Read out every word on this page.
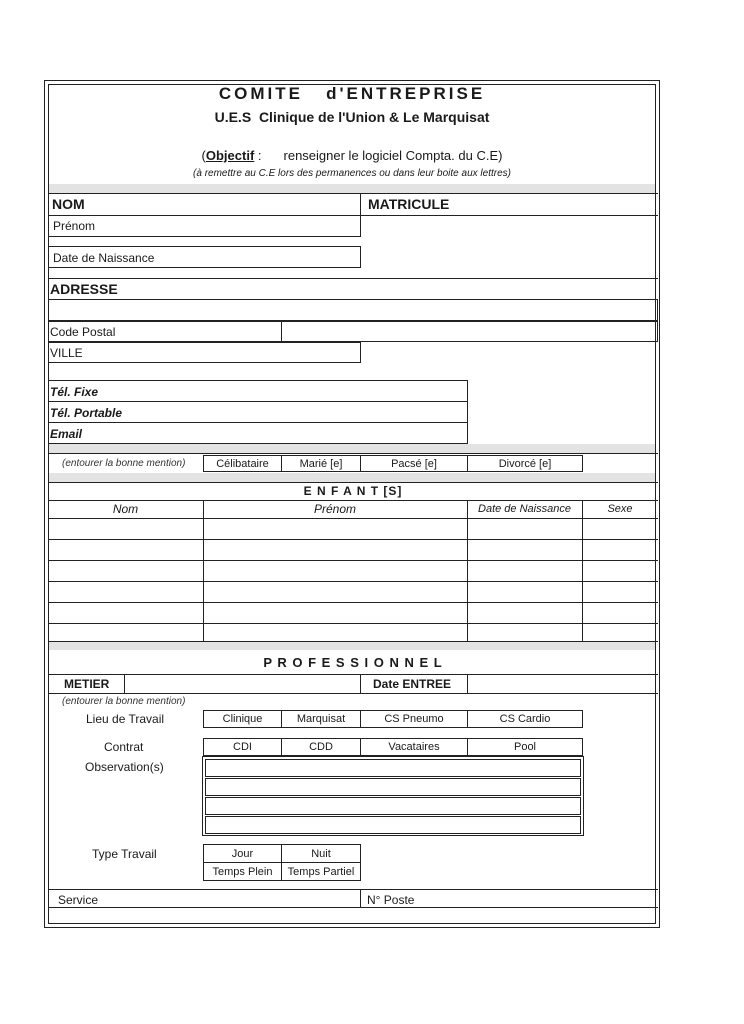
COMITE   d'ENTREPRISE
U.E.S  Clinique de l'Union & Le Marquisat
(Objectif : renseigner le logiciel Compta. du C.E)
(à remettre au C.E lors des permanences ou dans leur boite aux lettres)
NOM	MATRICULE
Prénom
Date de Naissance
ADRESSE
Code Postal
VILLE
Tél. Fixe
Tél. Portable
Email
(entourer la bonne mention)	Célibataire	Marié [e]	Pacsé [e]	Divorcé [e]
E N F A N T [S]
Nom	Prénom	Date de Naissance	Sexe
P R O F E S S I O N N E L
METIER	Date ENTREE
(entourer la bonne mention)
Lieu de Travail	Clinique	Marquisat	CS Pneumo	CS Cardio
Contrat	CDI	CDD	Vacataires	Pool
Observation(s)
Type Travail	Jour	Nuit
Temps Plein	Temps Partiel
Service	N° Poste
